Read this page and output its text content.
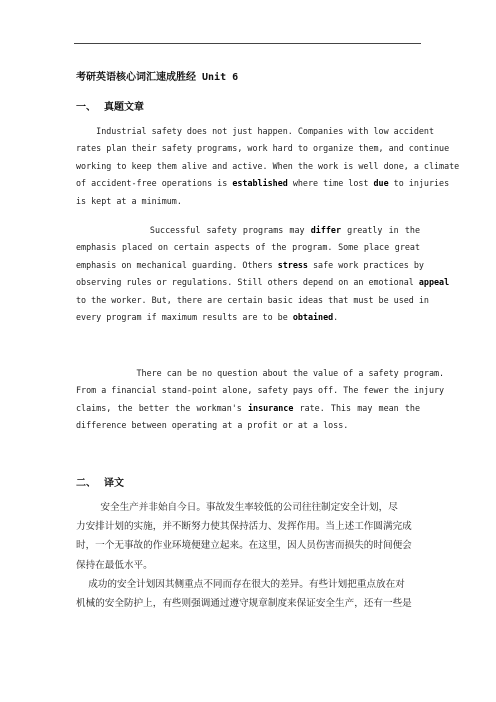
考研英语核心词汇速成胜经 Unit 6
一、 真题文章
Industrial safety does not just happen. Companies with low accident
rates plan their safety programs, work hard to organize them, and continue
working to keep them alive and active. When the work is well done, a climate
of accident-free operations is established where time lost due to injuries
is kept at a minimum.
Successful safety programs may differ greatly in the
emphasis placed on certain aspects of the program. Some place great
emphasis on mechanical guarding. Others stress safe work practices by
observing rules or regulations. Still others depend on an emotional appeal
to the worker. But, there are certain basic ideas that must be used in
every program if maximum results are to be obtained.
There can be no question about the value of a safety program.
From a financial stand-point alone, safety pays off. The fewer the injury
claims, the better the workman's insurance rate. This may mean the
difference between operating at a profit or at a loss.
二、 译文
安全生产并非始自今日。事故发生率较低的公司往往制定安全计划，尽
力安排计划的实施，并不断努力使其保持活力、发挥作用。当上述工作圆满完成
时，一个无事故的作业环境便建立起来。在这里，因人员伤害而损失的时间便会
保持在最低水平。
成功的安全计划因其侧重点不同而存在很大的差异。有些计划把重点放在对
机械的安全防护上，有些则强调通过遵守规章制度来保证安全生产，还有一些是
